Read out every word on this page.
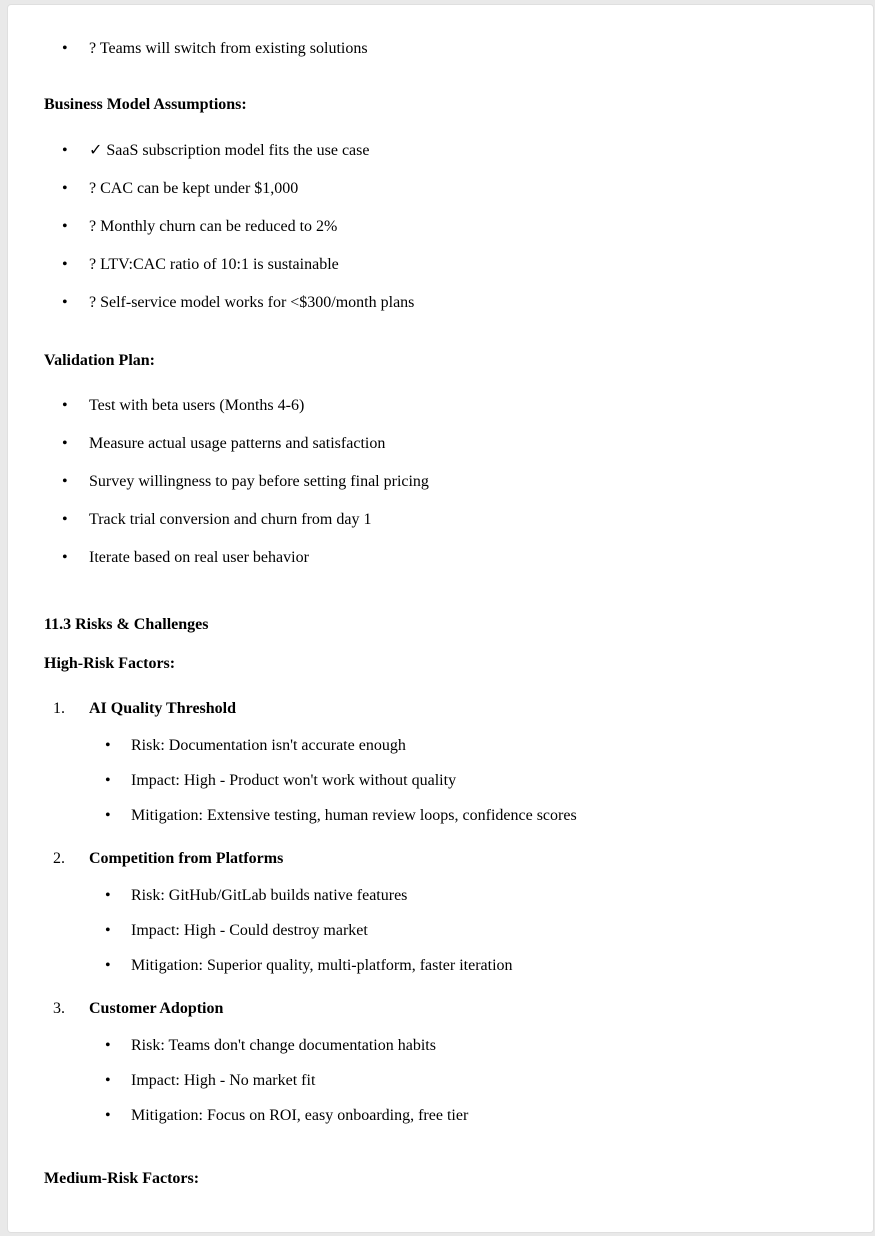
• ? Teams will switch from existing solutions

Business Model Assumptions:

• ✓ SaaS subscription model fits the use case
• ? CAC can be kept under $1,000
• ? Monthly churn can be reduced to 2%
• ? LTV:CAC ratio of 10:1 is sustainable
• ? Self-service model works for <$300/month plans

Validation Plan:

• Test with beta users (Months 4-6)
• Measure actual usage patterns and satisfaction
• Survey willingness to pay before setting final pricing
• Track trial conversion and churn from day 1
• Iterate based on real user behavior

11.3 Risks & Challenges

High-Risk Factors:

1. AI Quality Threshold
• Risk: Documentation isn't accurate enough
• Impact: High - Product won't work without quality
• Mitigation: Extensive testing, human review loops, confidence scores
2. Competition from Platforms
• Risk: GitHub/GitLab builds native features
• Impact: High - Could destroy market
• Mitigation: Superior quality, multi-platform, faster iteration
3. Customer Adoption
• Risk: Teams don't change documentation habits
• Impact: High - No market fit
• Mitigation: Focus on ROI, easy onboarding, free tier

Medium-Risk Factors:
